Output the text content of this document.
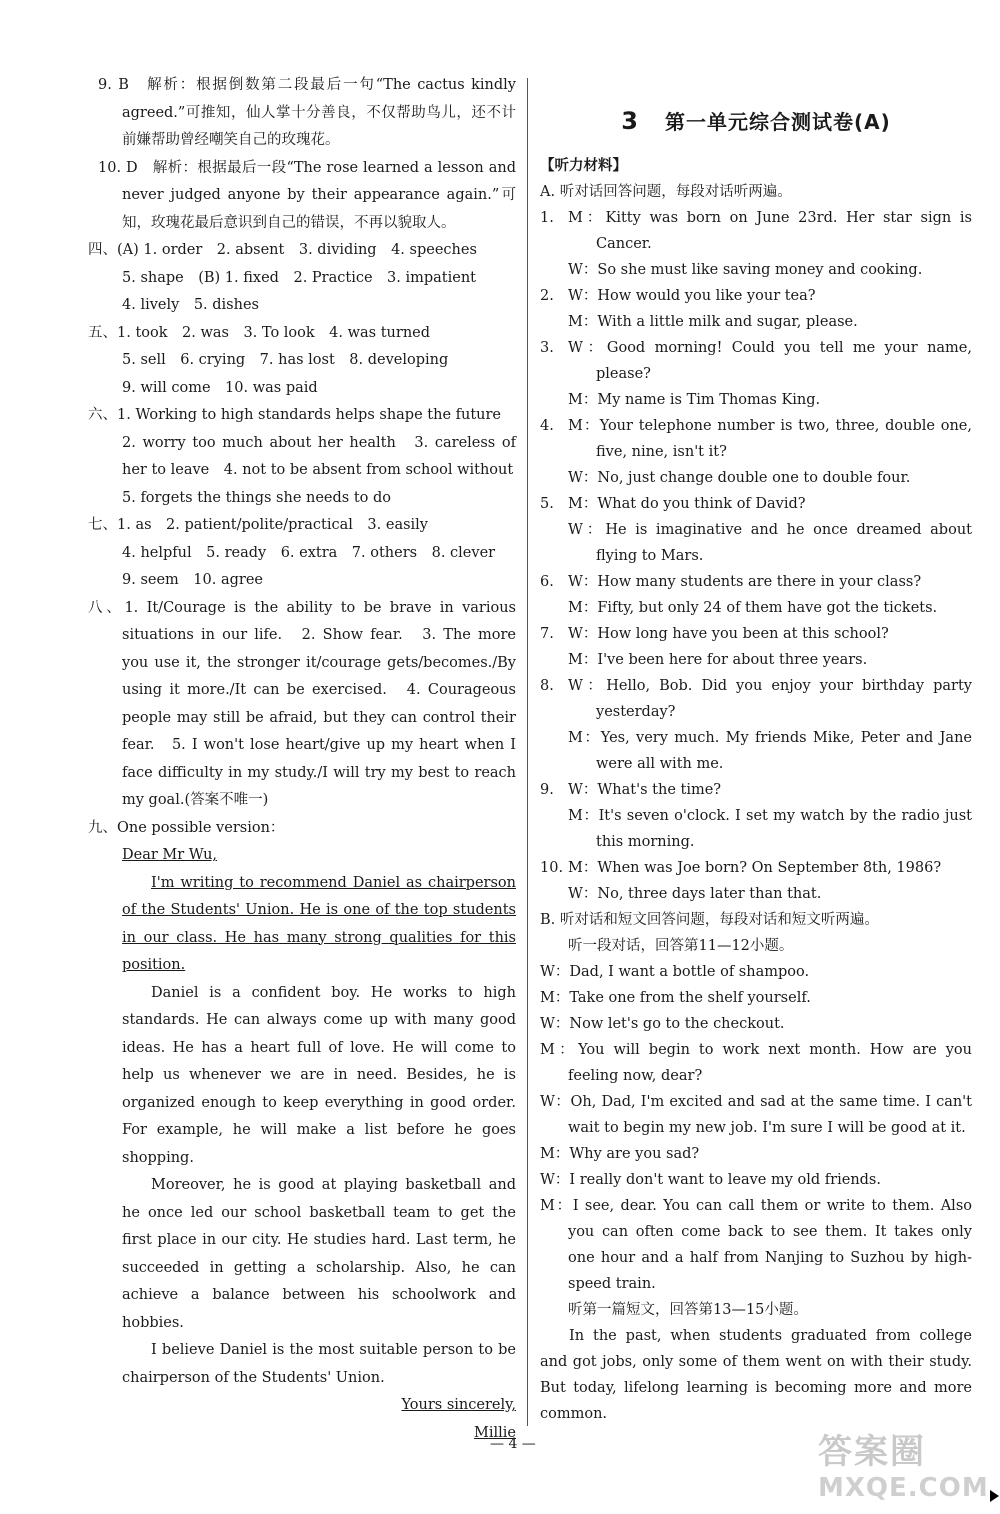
9. B　解析：根据倒数第二段最后一句“The cactus kindly agreed.”可推知，仙人掌十分善良，不仅帮助鸟儿，还不计前嫌帮助曾经嘲笑自己的玫瑰花。

10. D　解析：根据最后一段“The rose learned a lesson and never judged anyone by their appearance again.”可知，玫瑰花最后意识到自己的错误，不再以貌取人。

四、(A) 1. order　2. absent　3. dividing　4. speeches

5. shape　(B) 1. fixed　2. Practice　3. impatient

4. lively　5. dishes

五、1. took　2. was　3. To look　4. was turned

5. sell　6. crying　7. has lost　8. developing

9. will come　10. was paid

六、1. Working to high standards helps shape the future

2. worry too much about her health　3. careless of her to leave　4. not to be absent from school without

5. forgets the things she needs to do

七、1. as　2. patient/polite/practical　3. easily

4. helpful　5. ready　6. extra　7. others　8. clever

9. seem　10. agree

八、1. It/Courage is the ability to be brave in various situations in our life.　2. Show fear.　3. The more you use it, the stronger it/courage gets/becomes./By using it more./It can be exercised.　4. Courageous people may still be afraid, but they can control their fear.　5. I won't lose heart/give up my heart when I face difficulty in my study./I will try my best to reach my goal.(答案不唯一)

九、One possible version：

Dear Mr Wu,

I'm writing to recommend Daniel as chairperson of the Students' Union. He is one of the top students in our class. He has many strong qualities for this position.

Daniel is a confident boy. He works to high standards. He can always come up with many good ideas. He has a heart full of love. He will come to help us whenever we are in need. Besides, he is organized enough to keep everything in good order. For example, he will make a list before he goes shopping.

Moreover, he is good at playing basketball and he once led our school basketball team to get the first place in our city. He studies hard. Last term, he succeeded in getting a scholarship. Also, he can achieve a balance between his schoolwork and hobbies.

I believe Daniel is the most suitable person to be chairperson of the Students' Union.

Yours sincerely,

Millie

3 第一单元综合测试卷(A)

【听力材料】

A. 听对话回答问题，每段对话听两遍。

1. M：Kitty was born on June 23rd. Her star sign is Cancer.

W：So she must like saving money and cooking.

2. W：How would you like your tea?

M：With a little milk and sugar, please.

3. W：Good morning! Could you tell me your name, please?

M：My name is Tim Thomas King.

4. M：Your telephone number is two, three, double one, five, nine, isn't it?

W：No, just change double one to double four.

5. M：What do you think of David?

W：He is imaginative and he once dreamed about flying to Mars.

6. W：How many students are there in your class?

M：Fifty, but only 24 of them have got the tickets.

7. W：How long have you been at this school?

M：I've been here for about three years.

8. W：Hello, Bob. Did you enjoy your birthday party yesterday?

M：Yes, very much. My friends Mike, Peter and Jane were all with me.

9. W：What's the time?

M：It's seven o'clock. I set my watch by the radio just this morning.

10. M：When was Joe born? On September 8th, 1986?

W：No, three days later than that.

B. 听对话和短文回答问题，每段对话和短文听两遍。

听一段对话，回答第11—12小题。

W：Dad, I want a bottle of shampoo.

M：Take one from the shelf yourself.

W：Now let's go to the checkout.

M：You will begin to work next month. How are you feeling now, dear?

W：Oh, Dad, I'm excited and sad at the same time. I can't wait to begin my new job. I'm sure I will be good at it.

M：Why are you sad?

W：I really don't want to leave my old friends.

M：I see, dear. You can call them or write to them. Also you can often come back to see them. It takes only one hour and a half from Nanjing to Suzhou by high-speed train.

听第一篇短文，回答第13—15小题。

In the past, when students graduated from college and got jobs, only some of them went on with their study. But today, lifelong learning is becoming more and more common.

— 4 —	答案圈
MXQE.COM
